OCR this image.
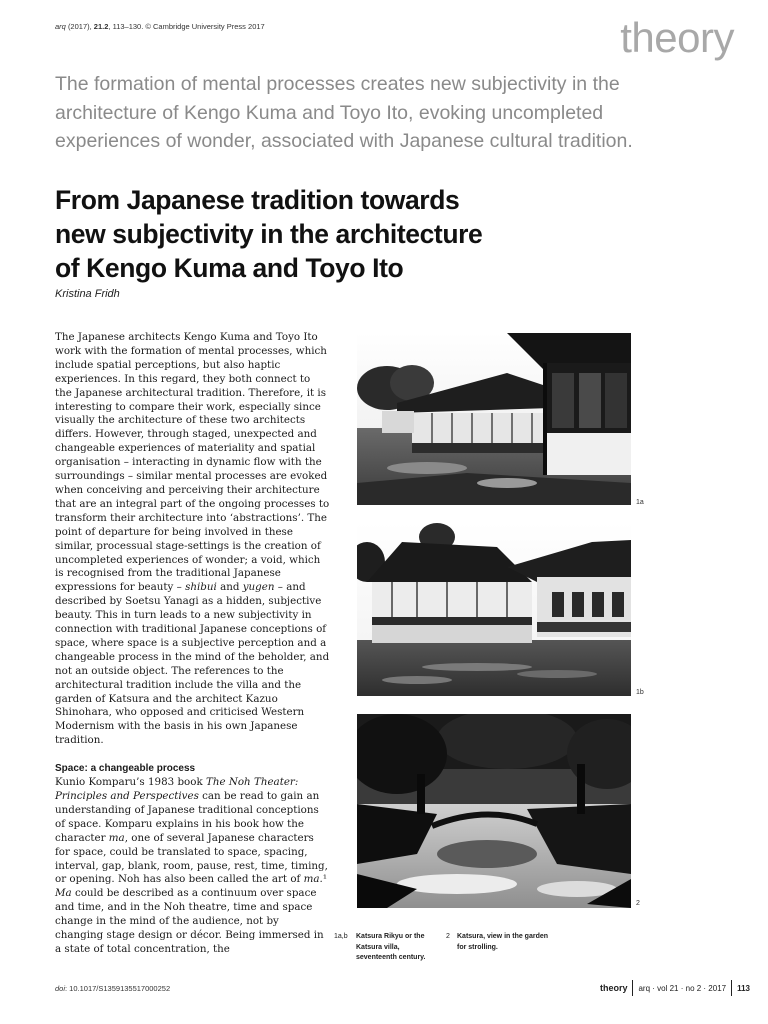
arq (2017), 21.2, 113–130. © Cambridge University Press 2017	theory
The formation of mental processes creates new subjectivity in the architecture of Kengo Kuma and Toyo Ito, evoking uncompleted experiences of wonder, associated with Japanese cultural tradition.
From Japanese tradition towards
new subjectivity in the architecture
of Kengo Kuma and Toyo Ito
Kristina Fridh

The Japanese architects Kengo Kuma and Toyo Ito work with the formation of mental processes, which include spatial perceptions, but also haptic experiences. In this regard, they both connect to the Japanese architectural tradition. Therefore, it is interesting to compare their work, especially since visually the architecture of these two architects differs. However, through staged, unexpected and changeable experiences of materiality and spatial organisation – interacting in dynamic flow with the surroundings – similar mental processes are evoked when conceiving and perceiving their architecture that are an integral part of the ongoing processes to transform their architecture into ‘abstractions’. The point of departure for being involved in these similar, processual stage-settings is the creation of uncompleted experiences of wonder; a void, which is recognised from the traditional Japanese expressions for beauty – shibui and yugen – and described by Soetsu Yanagi as a hidden, subjective beauty. This in turn leads to a new subjectivity in connection with traditional Japanese conceptions of space, where space is a subjective perception and a changeable process in the mind of the beholder, and not an outside object. The references to the architectural tradition include the villa and the garden of Katsura and the architect Kazuo Shinohara, who opposed and criticised Western Modernism with the basis in his own Japanese tradition.

Space: a changeable process

Kunio Komparu’s 1983 book The Noh Theater: Principles and Perspectives can be read to gain an understanding of Japanese traditional conceptions of space. Komparu explains in his book how the character ma, one of several Japanese characters for space, could be translated to space, spacing, interval, gap, blank, room, pause, rest, time, timing, or opening. Noh has also been called the art of ma.¹ Ma could be described as a continuum over space and time, and in the Noh theatre, time and space change in the mind of the audience, not by changing stage design or décor. Being immersed in a state of total concentration, the

1a
1b
2
1a,b	Katsura Rikyu or the Katsura villa, seventeenth century.
2	Katsura, view in the garden for strolling.
doi: 10.1017/S1359135517000252	theory	arq · vol 21 · no 2 · 2017	113
